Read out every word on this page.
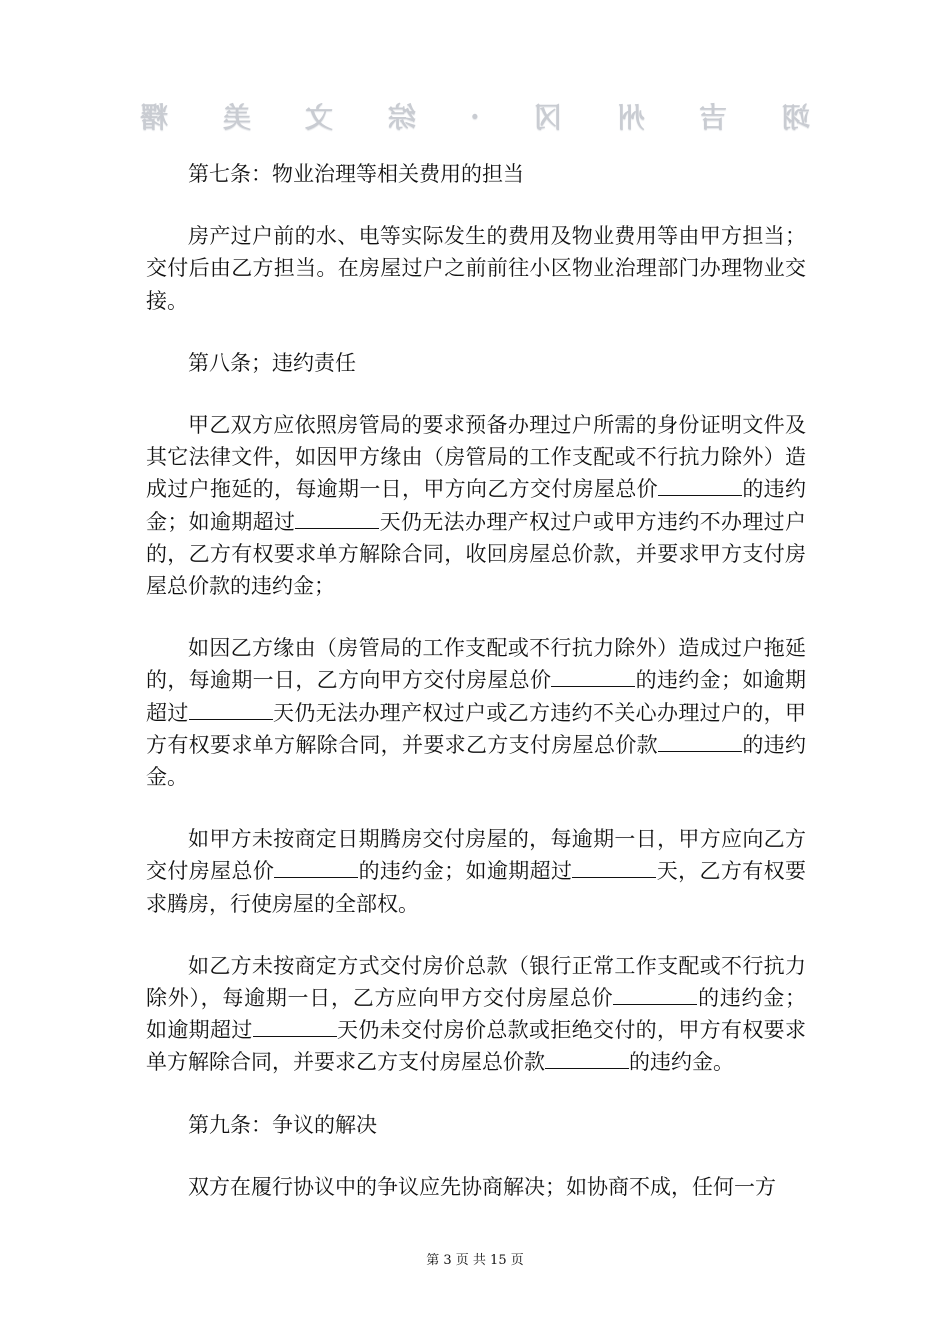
糬 美 文 综 · 冈 州 吉 翊

第七条：物业治理等相关费用的担当

房产过户前的水、电等实际发生的费用及物业费用等由甲方担当；交付后由乙方担当。在房屋过户之前前往小区物业治理部门办理物业交接。

第八条；违约责任

甲乙双方应依照房管局的要求预备办理过户所需的身份证明文件及其它法律文件，如因甲方缘由（房管局的工作支配或不行抗力除外）造成过户拖延的，每逾期一日，甲方向乙方交付房屋总价	的违约金；如逾期超过	天仍无法办理产权过户或甲方违约不办理过户的，乙方有权要求单方解除合同，收回房屋总价款，并要求甲方支付房屋总价款的违约金；

如因乙方缘由（房管局的工作支配或不行抗力除外）造成过户拖延的，每逾期一日，乙方向甲方交付房屋总价	的违约金；如逾期超过	天仍无法办理产权过户或乙方违约不关心办理过户的，甲方有权要求单方解除合同，并要求乙方支付房屋总价款	的违约金。

如甲方未按商定日期腾房交付房屋的，每逾期一日，甲方应向乙方交付房屋总价	的违约金；如逾期超过	天，乙方有权要求腾房，行使房屋的全部权。

如乙方未按商定方式交付房价总款（银行正常工作支配或不行抗力除外），每逾期一日，乙方应向甲方交付房屋总价	的违约金；如逾期超过	天仍未交付房价总款或拒绝交付的，甲方有权要求单方解除合同，并要求乙方支付房屋总价款	的违约金。

第九条：争议的解决

双方在履行协议中的争议应先协商解决；如协商不成，任何一方

第 3 页 共 15 页
